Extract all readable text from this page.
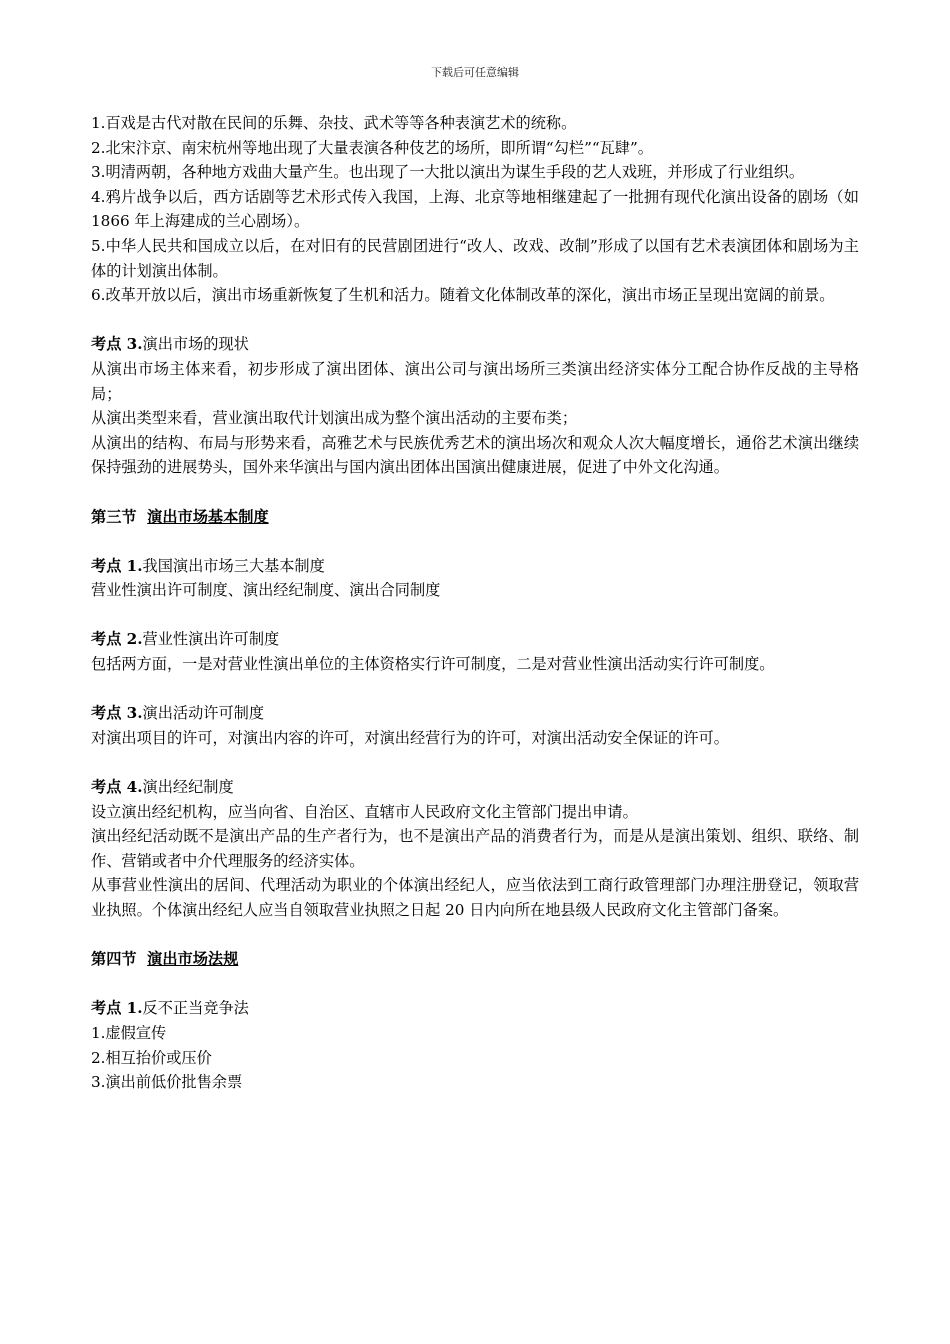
下载后可任意编辑

1.百戏是古代对散在民间的乐舞、杂技、武术等等各种表演艺术的统称。

2.北宋汴京、南宋杭州等地出现了大量表演各种伎艺的场所，即所谓“勾栏”“瓦肆”。

3.明清两朝，各种地方戏曲大量产生。也出现了一大批以演出为谋生手段的艺人戏班，并形成了行业组织。

4.鸦片战争以后，西方话剧等艺术形式传入我国，上海、北京等地相继建起了一批拥有现代化演出设备的剧场（如 1866 年上海建成的兰心剧场）。

5.中华人民共和国成立以后，在对旧有的民营剧团进行“改人、改戏、改制”形成了以国有艺术表演团体和剧场为主体的计划演出体制。

6.改革开放以后，演出市场重新恢复了生机和活力。随着文化体制改革的深化，演出市场正呈现出宽阔的前景。

考点 3.演出市场的现状

从演出市场主体来看，初步形成了演出团体、演出公司与演出场所三类演出经济实体分工配合协作反战的主导格局；

从演出类型来看，营业演出取代计划演出成为整个演出活动的主要布类；

从演出的结构、布局与形势来看，高雅艺术与民族优秀艺术的演出场次和观众人次大幅度增长，通俗艺术演出继续保持强劲的进展势头，国外来华演出与国内演出团体出国演出健康进展，促进了中外文化沟通。

第三节 演出市场基本制度

考点 1.我国演出市场三大基本制度

营业性演出许可制度、演出经纪制度、演出合同制度

考点 2.营业性演出许可制度

包括两方面，一是对营业性演出单位的主体资格实行许可制度，二是对营业性演出活动实行许可制度。

考点 3.演出活动许可制度

对演出项目的许可，对演出内容的许可，对演出经营行为的许可，对演出活动安全保证的许可。

考点 4.演出经纪制度

设立演出经纪机构，应当向省、自治区、直辖市人民政府文化主管部门提出申请。

演出经纪活动既不是演出产品的生产者行为，也不是演出产品的消费者行为，而是从是演出策划、组织、联络、制作、营销或者中介代理服务的经济实体。

从事营业性演出的居间、代理活动为职业的个体演出经纪人，应当依法到工商行政管理部门办理注册登记，领取营业执照。个体演出经纪人应当自领取营业执照之日起 20 日内向所在地县级人民政府文化主管部门备案。

第四节 演出市场法规

考点 1.反不正当竞争法

1.虚假宣传

2.相互抬价或压价

3.演出前低价批售余票
